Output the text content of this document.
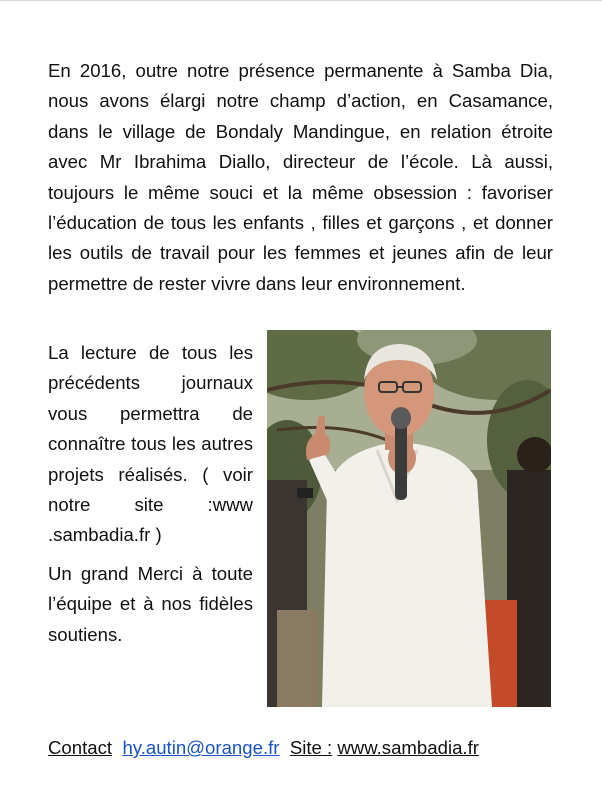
En 2016, outre notre présence permanente à Samba Dia, nous avons élargi notre champ d’action, en Casamance, dans le village de Bondaly Mandingue, en relation étroite avec Mr Ibrahima Diallo, directeur de l’école. Là aussi, toujours le même souci et la même obsession : favoriser l’éducation de tous les enfants , filles et garçons , et donner les outils de travail pour les femmes et jeunes afin de leur permettre de rester vivre dans leur environnement.

La lecture de tous les précédents journaux vous permettra de connaître tous les autres projets réalisés. ( voir notre site :www .sambadia.fr )

Un grand Merci à toute l’équipe et à nos fidèles soutiens.

Contact hy.autin@orange.fr Site : www.sambadia.fr
